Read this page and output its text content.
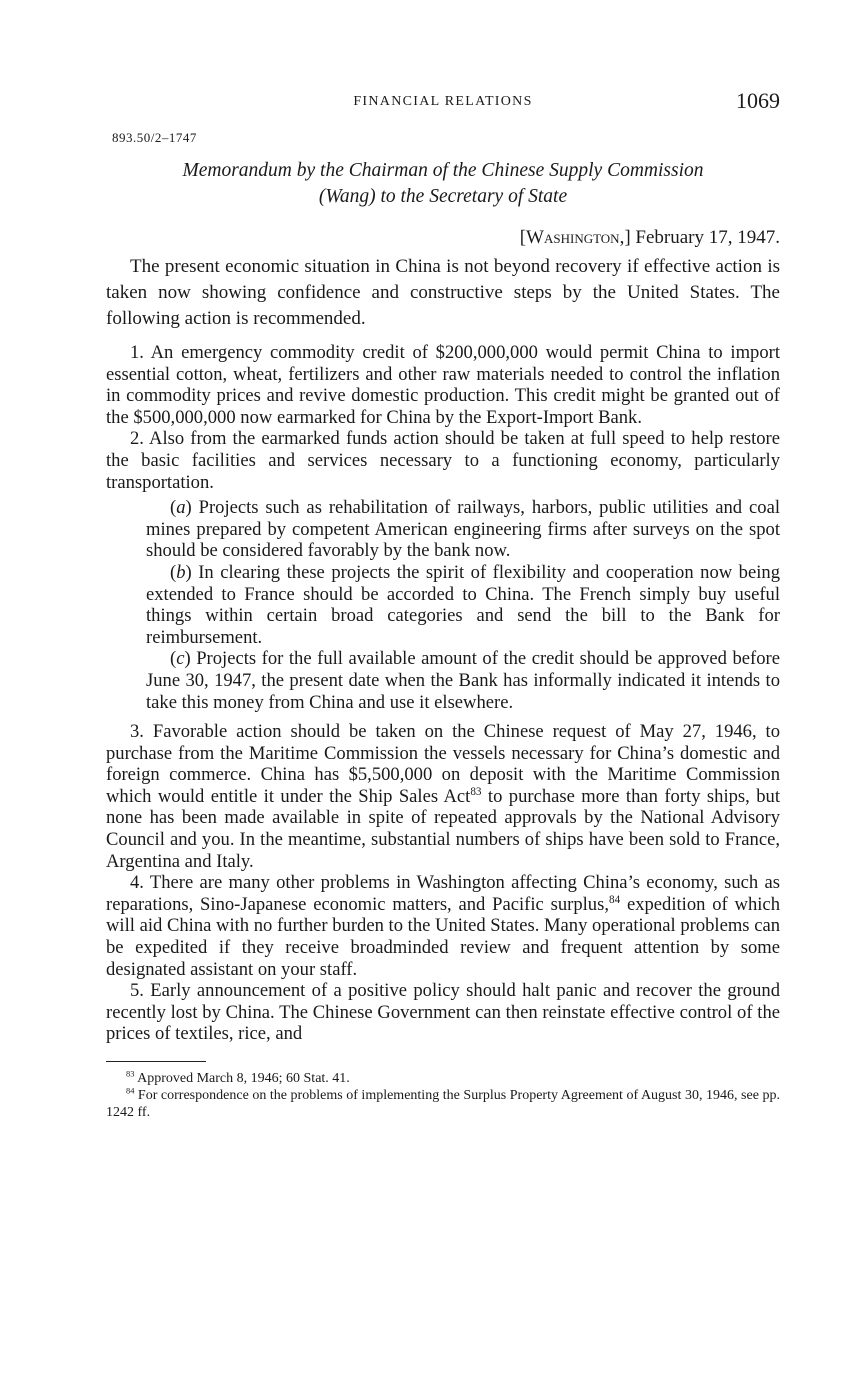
FINANCIAL RELATIONS	1069
893.50/2–1747
Memorandum by the Chairman of the Chinese Supply Commission
(Wang) to the Secretary of State
[Washington,] February 17, 1947.

The present economic situation in China is not beyond recovery if effective action is taken now showing confidence and constructive steps by the United States. The following action is recommended.

1. An emergency commodity credit of $200,000,000 would permit China to import essential cotton, wheat, fertilizers and other raw materials needed to control the inflation in commodity prices and revive domestic production. This credit might be granted out of the $500,000,000 now earmarked for China by the Export-Import Bank.

2. Also from the earmarked funds action should be taken at full speed to help restore the basic facilities and services necessary to a functioning economy, particularly transportation.

(a) Projects such as rehabilitation of railways, harbors, public utilities and coal mines prepared by competent American engineering firms after surveys on the spot should be considered favorably by the bank now.

(b) In clearing these projects the spirit of flexibility and cooperation now being extended to France should be accorded to China. The French simply buy useful things within certain broad categories and send the bill to the Bank for reimbursement.

(c) Projects for the full available amount of the credit should be approved before June 30, 1947, the present date when the Bank has informally indicated it intends to take this money from China and use it elsewhere.

3. Favorable action should be taken on the Chinese request of May 27, 1946, to purchase from the Maritime Commission the vessels necessary for China’s domestic and foreign commerce. China has $5,500,000 on deposit with the Maritime Commission which would entitle it under the Ship Sales Act$^{83}$ to purchase more than forty ships, but none has been made available in spite of repeated approvals by the National Advisory Council and you. In the meantime, substantial numbers of ships have been sold to France, Argentina and Italy.

4. There are many other problems in Washington affecting China’s economy, such as reparations, Sino-Japanese economic matters, and Pacific surplus,$^{84}$ expedition of which will aid China with no further burden to the United States. Many operational problems can be expedited if they receive broadminded review and frequent attention by some designated assistant on your staff.

5. Early announcement of a positive policy should halt panic and recover the ground recently lost by China. The Chinese Government can then reinstate effective control of the prices of textiles, rice, and

$^{83}$ Approved March 8, 1946; 60 Stat. 41.

$^{84}$ For correspondence on the problems of implementing the Surplus Property Agreement of August 30, 1946, see pp. 1242 ff.
